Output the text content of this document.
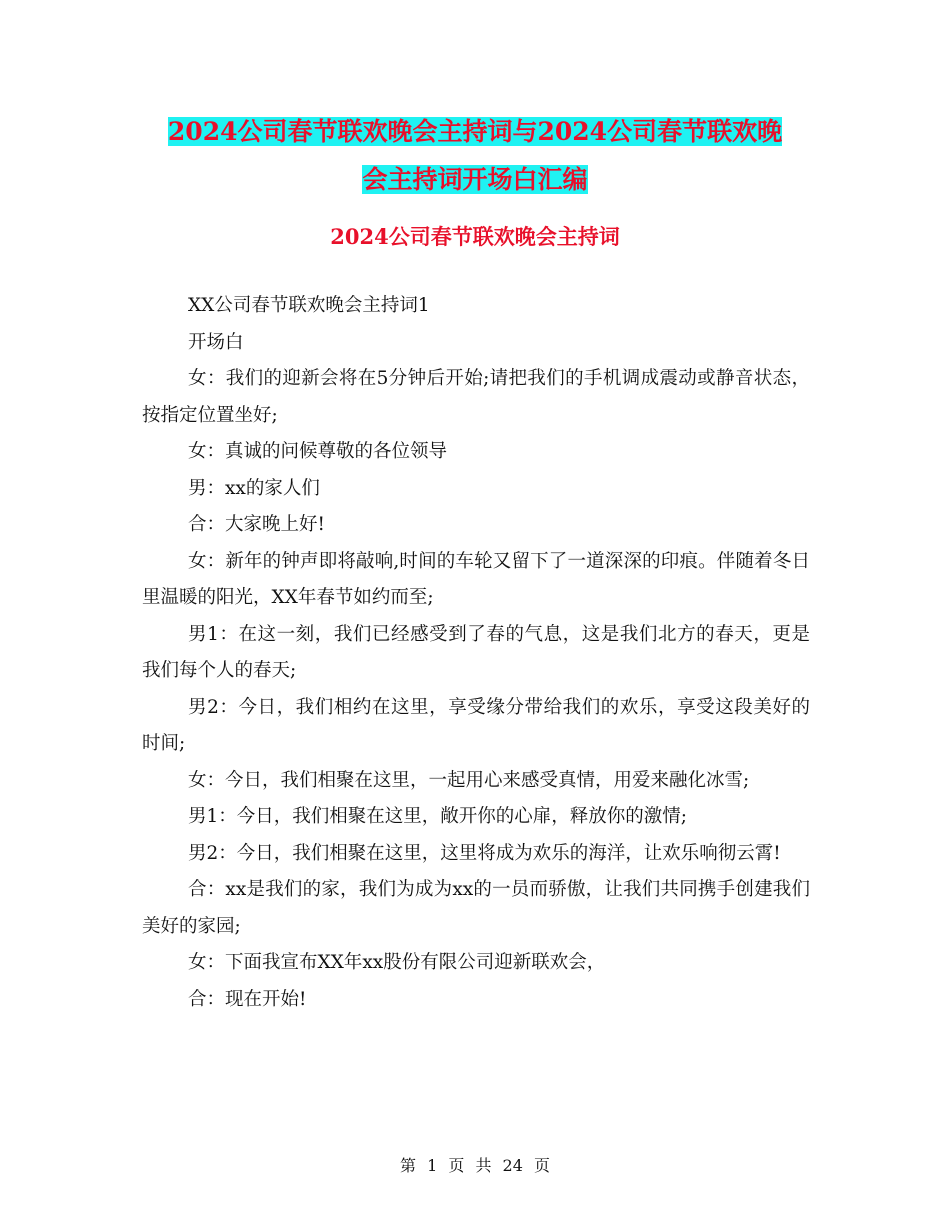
2024公司春节联欢晚会主持词与2024公司春节联欢晚
会主持词开场白汇编
2024公司春节联欢晚会主持词

XX公司春节联欢晚会主持词1

开场白

女：我们的迎新会将在5分钟后开始;请把我们的手机调成震动或静音状态，按指定位置坐好;

女：真诚的问候尊敬的各位领导

男：xx的家人们

合：大家晚上好!

女：新年的钟声即将敲响,时间的车轮又留下了一道深深的印痕。伴随着冬日里温暖的阳光，XX年春节如约而至;

男1：在这一刻，我们已经感受到了春的气息，这是我们北方的春天，更是我们每个人的春天;

男2：今日，我们相约在这里，享受缘分带给我们的欢乐，享受这段美好的时间;

女：今日，我们相聚在这里，一起用心来感受真情，用爱来融化冰雪;

男1：今日，我们相聚在这里，敞开你的心扉，释放你的激情;

男2：今日，我们相聚在这里，这里将成为欢乐的海洋，让欢乐响彻云霄!

合：xx是我们的家，我们为成为xx的一员而骄傲，让我们共同携手创建我们美好的家园;

女：下面我宣布XX年xx股份有限公司迎新联欢会，

合：现在开始!

第 1 页 共 24 页
